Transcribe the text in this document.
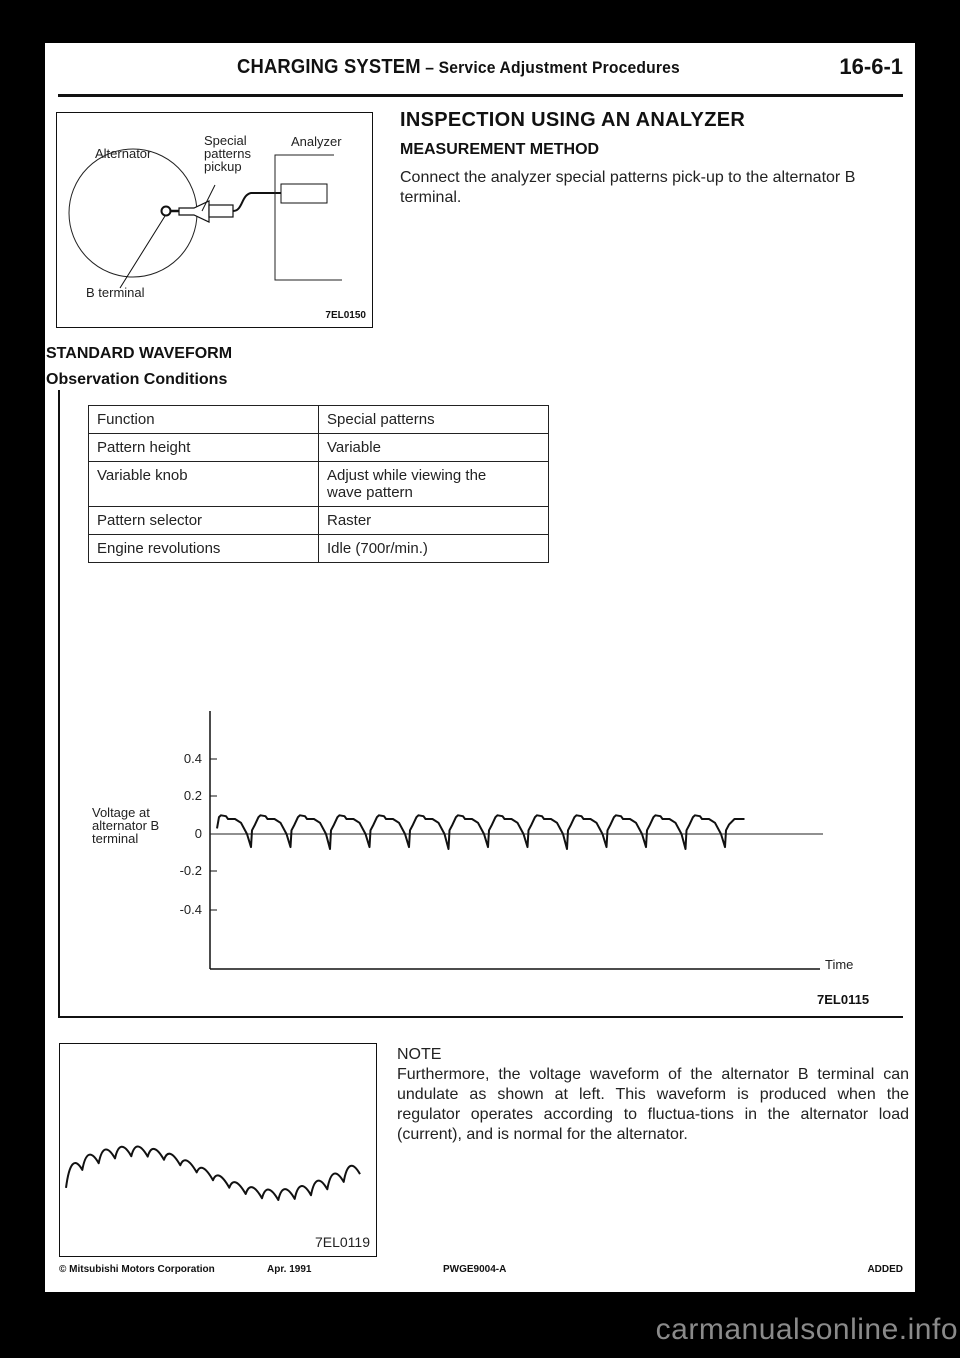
CHARGING SYSTEM – Service Adjustment Procedures	16-6-1
Alternator
Special
patterns
pickup
Analyzer
B terminal
7EL0150
INSPECTION USING AN ANALYZER
MEASUREMENT METHOD
Connect the analyzer special patterns pick-up to the alternator B terminal.
STANDARD WAVEFORM
Observation Conditions
Function	Special patterns
Pattern height	Variable
Variable knob	Adjust while viewing the wave pattern
Pattern selector	Raster
Engine revolutions	Idle (700r/min.)
0.4
0.2
0
-0.2
-0.4
Voltage at alternator B terminal
Time
7EL0115
7EL0119
NOTE
Furthermore, the voltage waveform of the alternator B terminal can undulate as shown at left. This waveform is produced when the regulator operates according to fluctua-tions in the alternator load (current), and is normal for the alternator.
© Mitsubishi Motors Corporation	Apr. 1991	PWGE9004-A	ADDED
carmanualsonline.info
